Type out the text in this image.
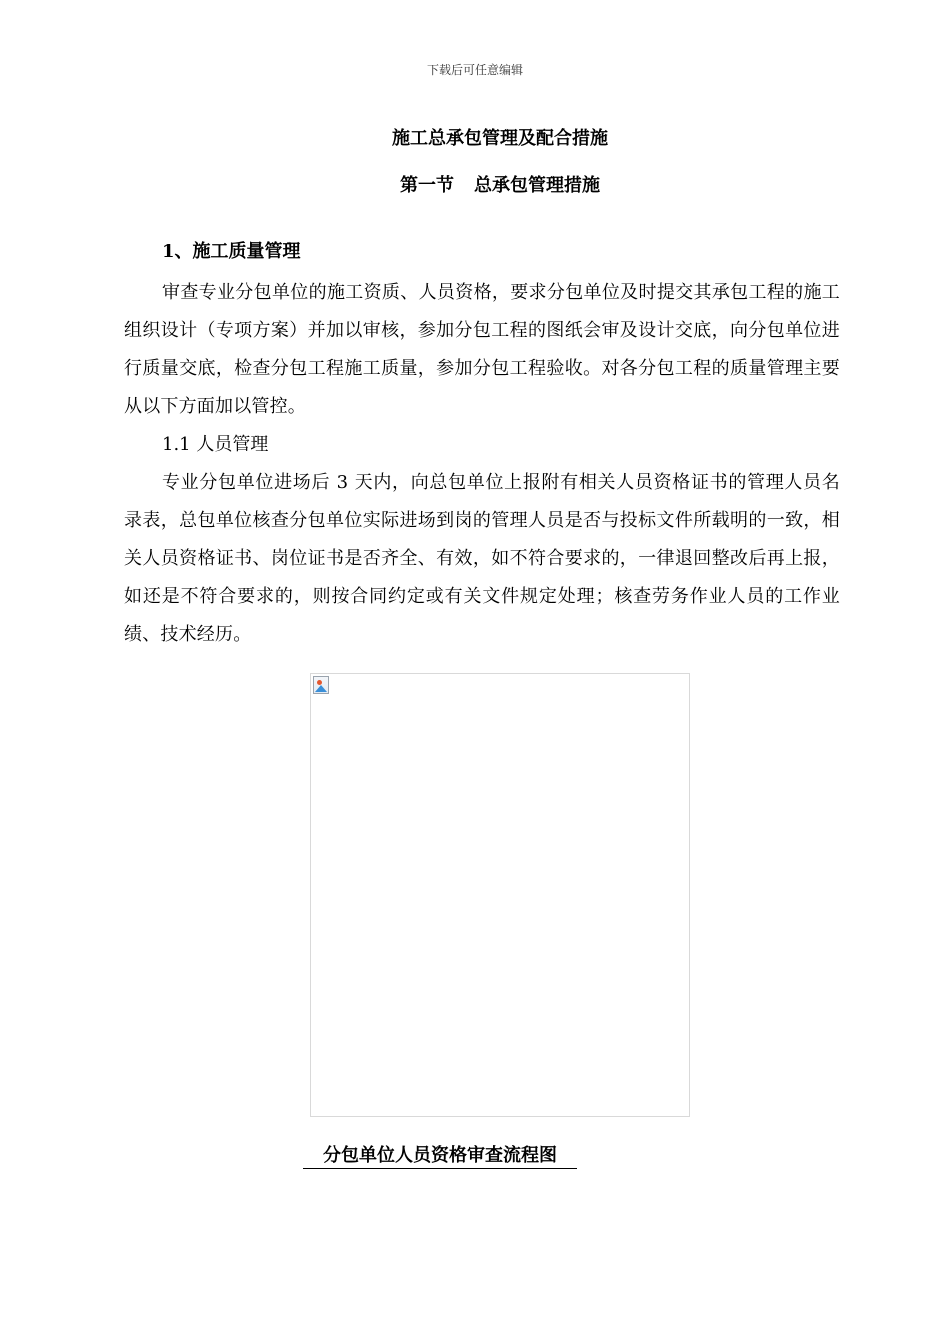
下载后可任意编辑
施工总承包管理及配合措施
第一节 总承包管理措施
1、施工质量管理

审查专业分包单位的施工资质、人员资格，要求分包单位及时提交其承包工程的施工组织设计（专项方案）并加以审核，参加分包工程的图纸会审及设计交底，向分包单位进行质量交底，检查分包工程施工质量，参加分包工程验收。对各分包工程的质量管理主要从以下方面加以管控。

1.1 人员管理

专业分包单位进场后 3 天内，向总包单位上报附有相关人员资格证书的管理人员名录表，总包单位核查分包单位实际进场到岗的管理人员是否与投标文件所载明的一致，相关人员资格证书、岗位证书是否齐全、有效，如不符合要求的，一律退回整改后再上报，如还是不符合要求的，则按合同约定或有关文件规定处理；核查劳务作业人员的工作业绩、技术经历。

分包单位人员资格审查流程图
